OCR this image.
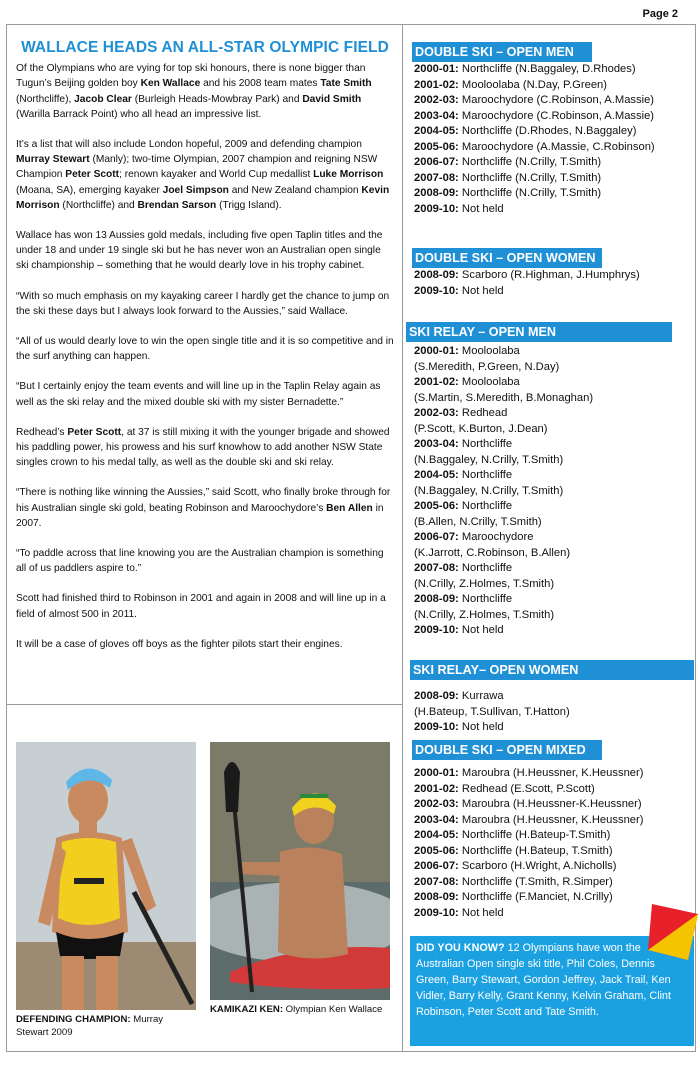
Page 2
WALLACE HEADS AN ALL-STAR OLYMPIC FIELD

Of the Olympians who are vying for top ski honours, there is none bigger than Tugun’s Beijing golden boy Ken Wallace and his 2008 team mates Tate Smith (Northcliffe), Jacob Clear (Burleigh Heads-Mowbray Park) and David Smith (Warilla Barrack Point) who all head an impressive list.

It’s a list that will also include London hopeful, 2009 and defending champion Murray Stewart (Manly); two-time Olympian, 2007 champion and reigning NSW Champion Peter Scott; renown kayaker and World Cup medallist Luke Morrison (Moana, SA), emerging kayaker Joel Simpson and New Zealand champion Kevin Morrison (Northcliffe) and Brendan Sarson (Trigg Island).

Wallace has won 13 Aussies gold medals, including five open Taplin titles and the under 18 and under 19 single ski but he has never won an Australian open single ski championship – something that he would dearly love in his trophy cabinet.

“With so much emphasis on my kayaking career I hardly get the chance to jump on the ski these days but I always look forward to the Aussies,” said Wallace.

“All of us would dearly love to win the open single title and it is so competitive and in the surf anything can happen.

“But I certainly enjoy the team events and will line up in the Taplin Relay again as well as the ski relay and the mixed double ski with my sister Bernadette.”

Redhead’s Peter Scott, at 37 is still mixing it with the younger brigade and showed his paddling power, his prowess and his surf knowhow to add another NSW State singles crown to his medal tally, as well as the double ski and ski relay.

“There is nothing like winning the Aussies,” said Scott, who finally broke through for his Australian single ski gold, beating Robinson and Maroochydore’s Ben Allen in 2007.

“To paddle across that line knowing you are the Australian champion is something all of us paddlers aspire to.”

Scott had finished third to Robinson in 2001 and again in 2008 and will line up in a field of almost 500 in 2011.

It will be a case of gloves off boys as the fighter pilots start their engines.

DEFENDING CHAMPION: Murray Stewart 2009
KAMIKAZI KEN: Olympian Ken Wallace
DOUBLE SKI – OPEN MEN
2000-01: Northcliffe (N.Baggaley, D.Rhodes)
2001-02: Mooloolaba (N.Day, P.Green)
2002-03: Maroochydore (C.Robinson, A.Massie)
2003-04: Maroochydore (C.Robinson, A.Massie)
2004-05: Northcliffe (D.Rhodes, N.Baggaley)
2005-06: Maroochydore (A.Massie, C.Robinson)
2006-07: Northcliffe (N.Crilly, T.Smith)
2007-08: Northcliffe (N.Crilly, T.Smith)
2008-09: Northcliffe (N.Crilly, T.Smith)
2009-10: Not held
DOUBLE SKI – OPEN WOMEN
2008-09: Scarboro (R.Highman, J.Humphrys)
2009-10: Not held
SKI RELAY – OPEN MEN
2000-01: Mooloolaba
(S.Meredith, P.Green, N.Day)
2001-02: Mooloolaba
(S.Martin, S.Meredith, B.Monaghan)
2002-03: Redhead
(P.Scott, K.Burton, J.Dean)
2003-04: Northcliffe
(N.Baggaley, N.Crilly, T.Smith)
2004-05: Northcliffe
(N.Baggaley, N.Crilly, T.Smith)
2005-06: Northcliffe
(B.Allen, N.Crilly, T.Smith)
2006-07: Maroochydore
(K.Jarrott, C.Robinson, B.Allen)
2007-08: Northcliffe
(N.Crilly, Z.Holmes, T.Smith)
2008-09: Northcliffe
(N.Crilly, Z.Holmes, T.Smith)
2009-10: Not held
SKI RELAY– OPEN WOMEN
2008-09: Kurrawa
(H.Bateup, T.Sullivan, T.Hatton)
2009-10: Not held
DOUBLE SKI – OPEN MIXED
2000-01: Maroubra (H.Heussner, K.Heussner)
2001-02: Redhead (E.Scott, P.Scott)
2002-03: Maroubra (H.Heussner-K.Heussner)
2003-04: Maroubra (H.Heussner, K.Heussner)
2004-05: Northcliffe (H.Bateup-T.Smith)
2005-06: Northcliffe (H.Bateup, T.Smith)
2006-07: Scarboro (H.Wright, A.Nicholls)
2007-08: Northcliffe (T.Smith, R.Simper)
2008-09: Northcliffe (F.Manciet, N.Crilly)
2009-10: Not held
DID YOU KNOW? 12 Olympians have won the Australian Open single ski title, Phil Coles, Dennis Green, Barry Stewart, Gordon Jeffrey, Jack Trail, Ken Vidler, Barry Kelly, Grant Kenny, Kelvin Graham, Clint Robinson, Peter Scott and Tate Smith.
